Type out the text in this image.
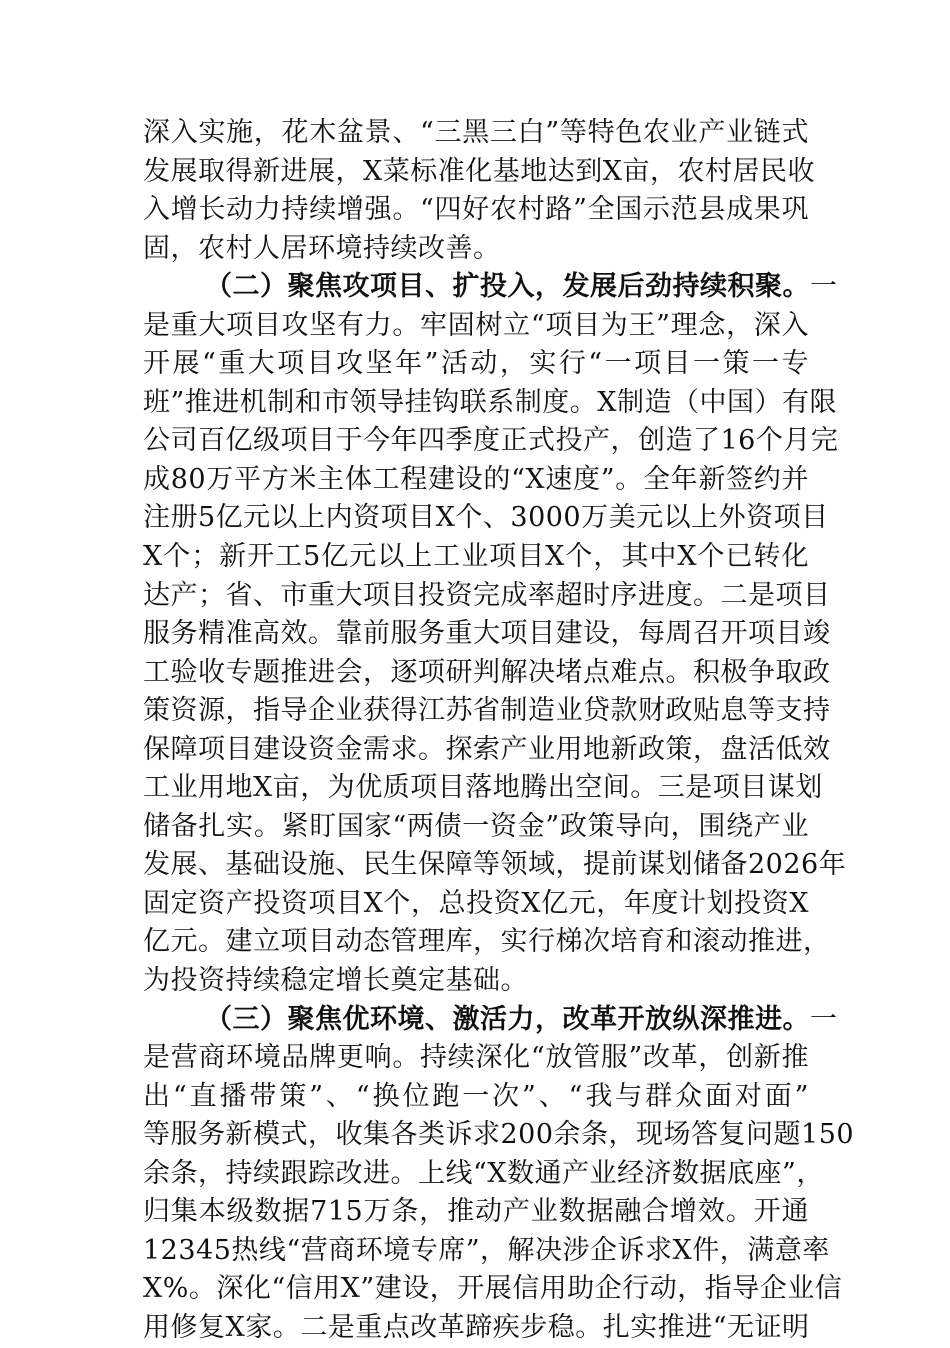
深入实施，花木盆景、“三黑三白”等特色农业产业链式
发展取得新进展，X菜标准化基地达到X亩，农村居民收
入增长动力持续增强。“四好农村路”全国示范县成果巩
固，农村人居环境持续改善。
（二）聚焦攻项目、扩投入，发展后劲持续积聚。一
是重大项目攻坚有力。牢固树立“项目为王”理念，深入
开展“重大项目攻坚年”活动，实行“一项目一策一专
班”推进机制和市领导挂钩联系制度。X制造（中国）有限
公司百亿级项目于今年四季度正式投产，创造了16个月完
成80万平方米主体工程建设的“X速度”。全年新签约并
注册5亿元以上内资项目X个、3000万美元以上外资项目
X个；新开工5亿元以上工业项目X个，其中X个已转化
达产；省、市重大项目投资完成率超时序进度。二是项目
服务精准高效。靠前服务重大项目建设，每周召开项目竣
工验收专题推进会，逐项研判解决堵点难点。积极争取政
策资源，指导企业获得江苏省制造业贷款财政贴息等支持
保障项目建设资金需求。探索产业用地新政策，盘活低效
工业用地X亩，为优质项目落地腾出空间。三是项目谋划
储备扎实。紧盯国家“两债一资金”政策导向，围绕产业
发展、基础设施、民生保障等领域，提前谋划储备2026年
固定资产投资项目X个，总投资X亿元，年度计划投资X
亿元。建立项目动态管理库，实行梯次培育和滚动推进，
为投资持续稳定增长奠定基础。
（三）聚焦优环境、激活力，改革开放纵深推进。一
是营商环境品牌更响。持续深化“放管服”改革，创新推
出“直播带策”、“换位跑一次”、“我与群众面对面”
等服务新模式，收集各类诉求200余条，现场答复问题150
余条，持续跟踪改进。上线“X数通产业经济数据底座”，
归集本级数据715万条，推动产业数据融合增效。开通
12345热线“营商环境专席”，解决涉企诉求X件，满意率
X%。深化“信用X”建设，开展信用助企行动，指导企业信
用修复X家。二是重点改革蹄疾步稳。扎实推进“无证明
